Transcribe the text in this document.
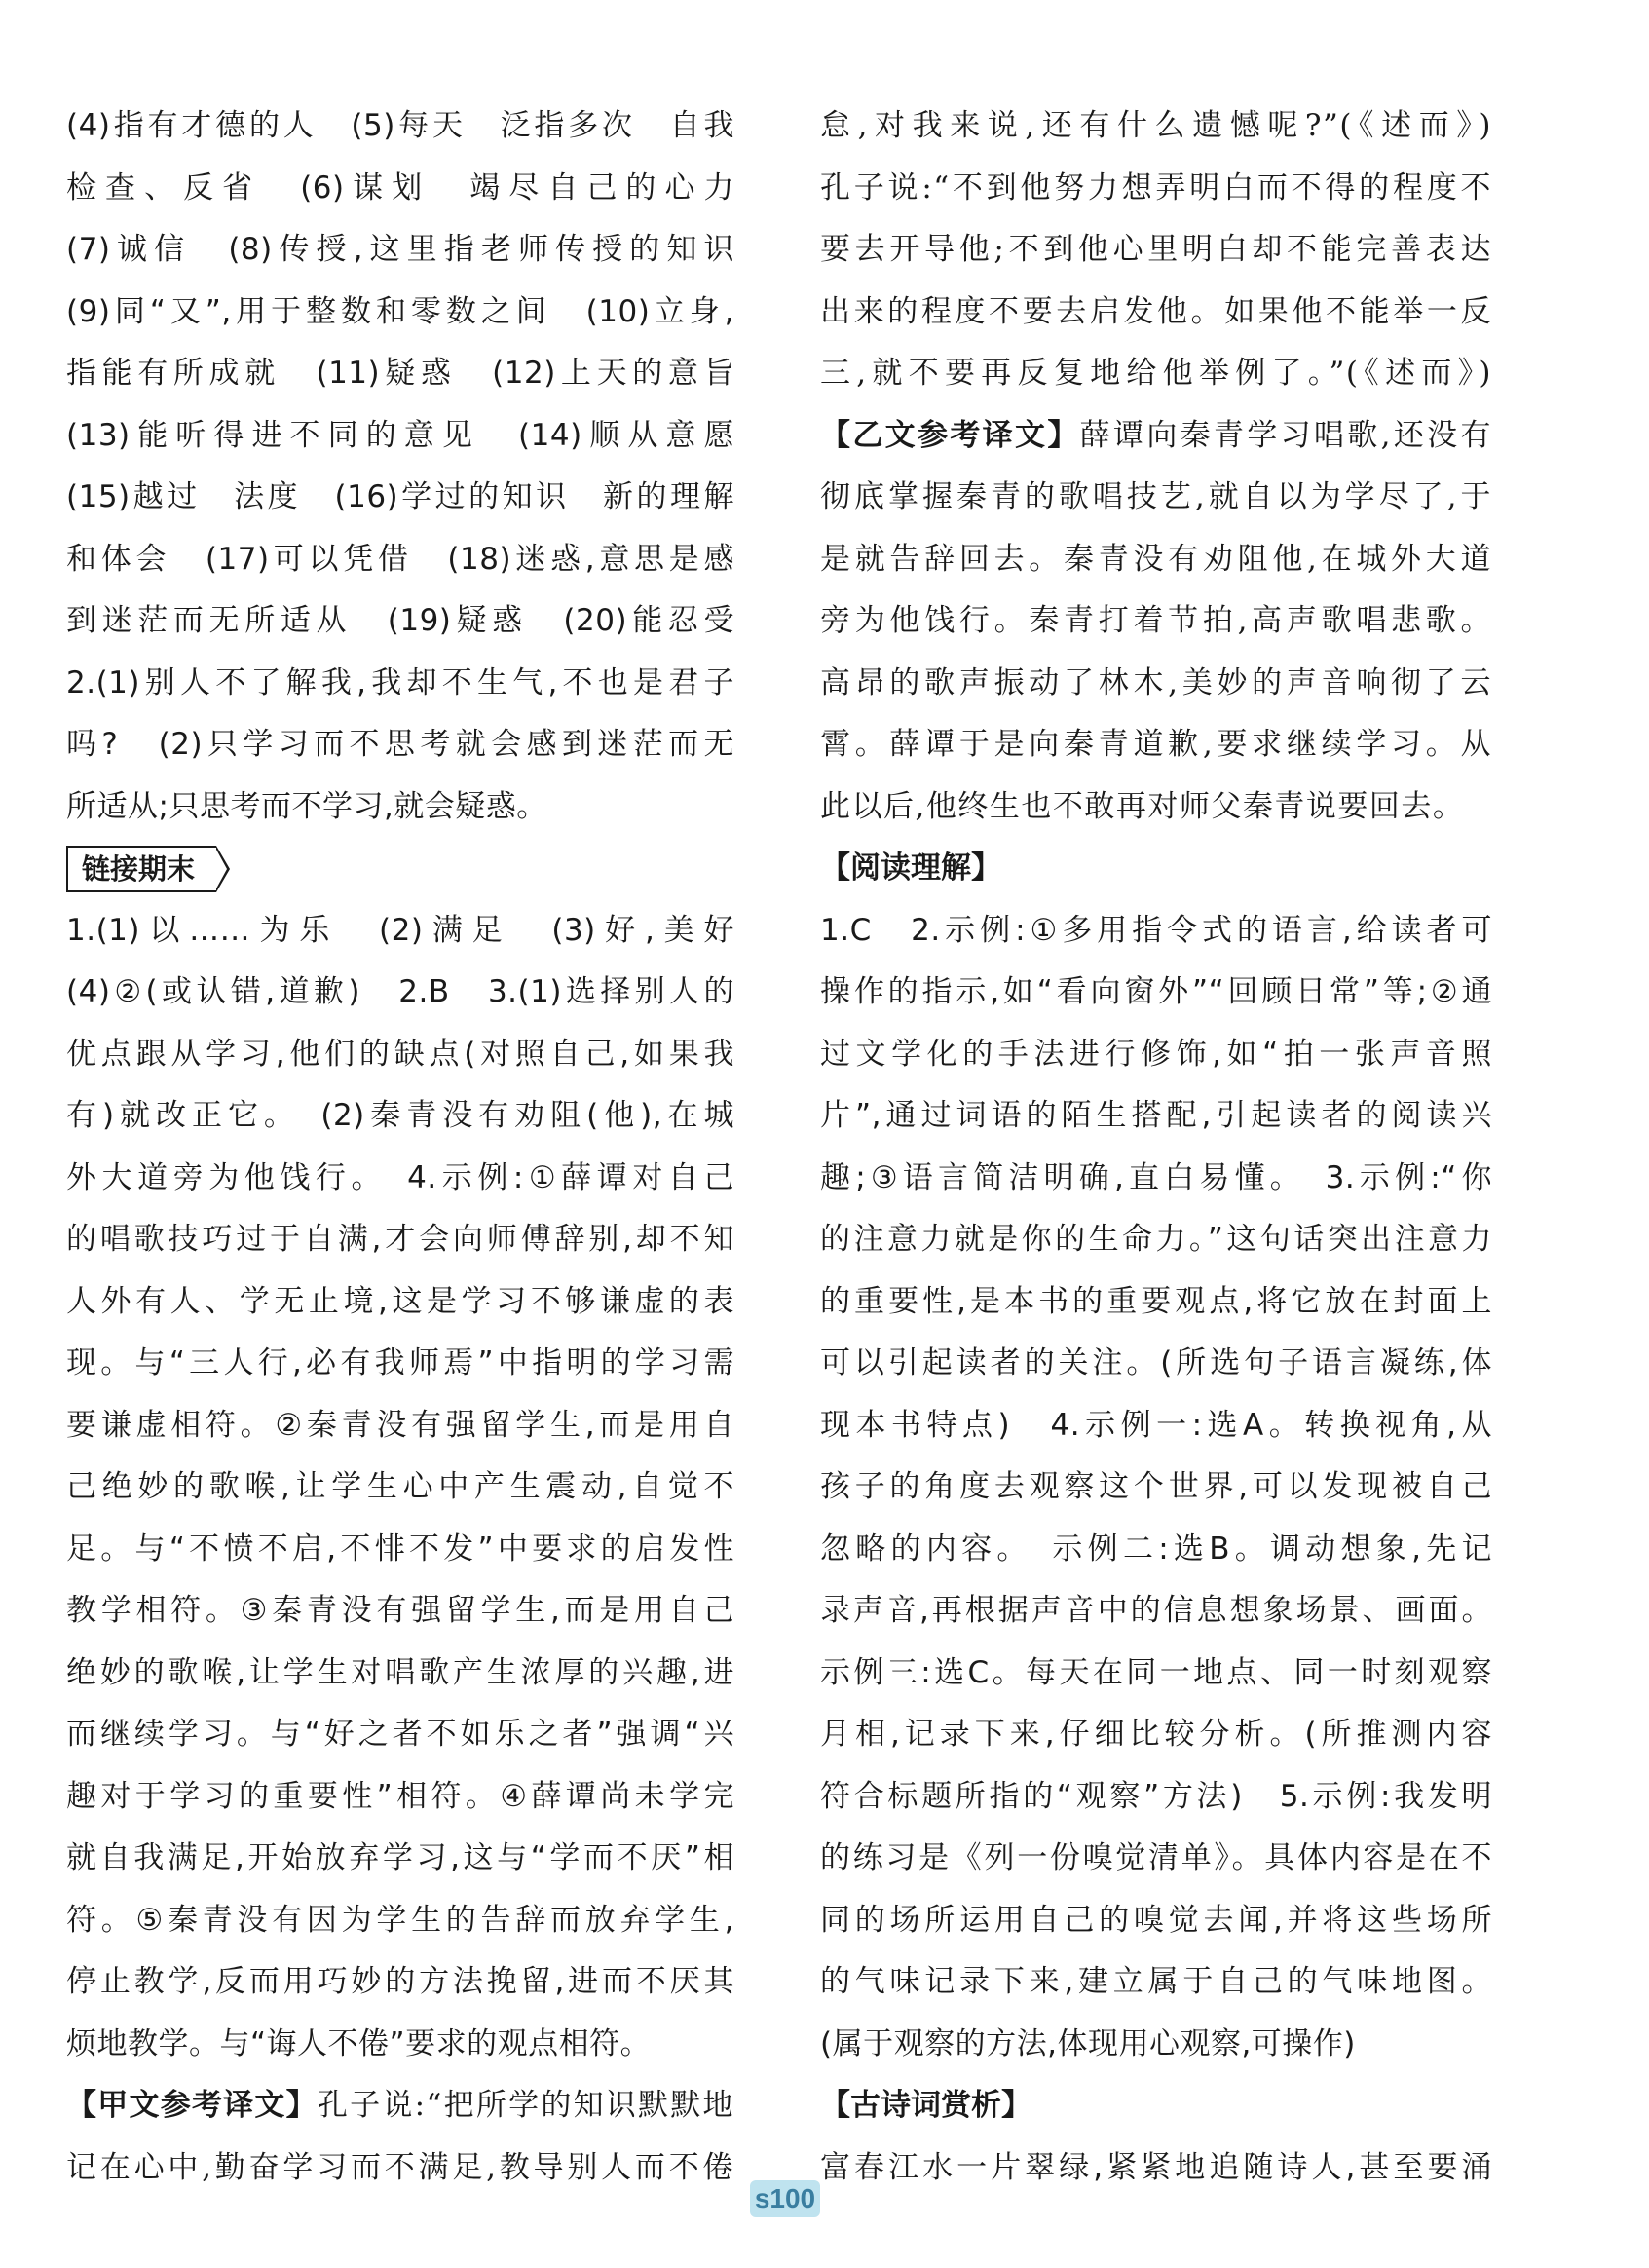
(4)指有才德的人　(5)每天　泛指多次　自我
检查、反省　(6)谋划　竭尽自己的心力
(7)诚信　(8)传授,这里指老师传授的知识
(9)同“又”,用于整数和零数之间　(10)立身,
指能有所成就　(11)疑惑　(12)上天的意旨
(13)能听得进不同的意见　(14)顺从意愿
(15)越过　法度　(16)学过的知识　新的理解
和体会　(17)可以凭借　(18)迷惑,意思是感
到迷茫而无所适从　(19)疑惑　(20)能忍受
2.(1)别人不了解我,我却不生气,不也是君子
吗?　(2)只学习而不思考就会感到迷茫而无
所适从;只思考而不学习,就会疑惑。
链接期末
1.(1)以……为乐　(2)满足　(3)好,美好
(4)②(或认错,道歉)　2.B　3.(1)选择别人的
优点跟从学习,他们的缺点(对照自己,如果我
有)就改正它。　(2)秦青没有劝阻(他),在城
外大道旁为他饯行。　4.示例:①薛谭对自己
的唱歌技巧过于自满,才会向师傅辞别,却不知
人外有人、学无止境,这是学习不够谦虚的表
现。与“三人行,必有我师焉”中指明的学习需
要谦虚相符。②秦青没有强留学生,而是用自
己绝妙的歌喉,让学生心中产生震动,自觉不
足。与“不愤不启,不悱不发”中要求的启发性
教学相符。③秦青没有强留学生,而是用自己
绝妙的歌喉,让学生对唱歌产生浓厚的兴趣,进
而继续学习。与“好之者不如乐之者”强调“兴
趣对于学习的重要性”相符。④薛谭尚未学完
就自我满足,开始放弃学习,这与“学而不厌”相
符。⑤秦青没有因为学生的告辞而放弃学生,
停止教学,反而用巧妙的方法挽留,进而不厌其
烦地教学。与“诲人不倦”要求的观点相符。
【甲文参考译文】孔子说:“把所学的知识默默地
记在心中,勤奋学习而不满足,教导别人而不倦
怠,对我来说,还有什么遗憾呢?”(《述而》)
孔子说:“不到他努力想弄明白而不得的程度不
要去开导他;不到他心里明白却不能完善表达
出来的程度不要去启发他。如果他不能举一反
三,就不要再反复地给他举例了。”(《述而》)
【乙文参考译文】薛谭向秦青学习唱歌,还没有
彻底掌握秦青的歌唱技艺,就自以为学尽了,于
是就告辞回去。秦青没有劝阻他,在城外大道
旁为他饯行。秦青打着节拍,高声歌唱悲歌。
高昂的歌声振动了林木,美妙的声音响彻了云
霄。薛谭于是向秦青道歉,要求继续学习。从
此以后,他终生也不敢再对师父秦青说要回去。
【阅读理解】
1.C　2.示例:①多用指令式的语言,给读者可
操作的指示,如“看向窗外”“回顾日常”等;②通
过文学化的手法进行修饰,如“拍一张声音照
片”,通过词语的陌生搭配,引起读者的阅读兴
趣;③语言简洁明确,直白易懂。　3.示例:“你
的注意力就是你的生命力。”这句话突出注意力
的重要性,是本书的重要观点,将它放在封面上
可以引起读者的关注。(所选句子语言凝练,体
现本书特点)　4.示例一:选A。转换视角,从
孩子的角度去观察这个世界,可以发现被自己
忽略的内容。　示例二:选B。调动想象,先记
录声音,再根据声音中的信息想象场景、画面。
示例三:选C。每天在同一地点、同一时刻观察
月相,记录下来,仔细比较分析。(所推测内容
符合标题所指的“观察”方法)　5.示例:我发明
的练习是《列一份嗅觉清单》。具体内容是在不
同的场所运用自己的嗅觉去闻,并将这些场所
的气味记录下来,建立属于自己的气味地图。
(属于观察的方法,体现用心观察,可操作)
【古诗词赏析】
富春江水一片翠绿,紧紧地追随诗人,甚至要涌
s100
